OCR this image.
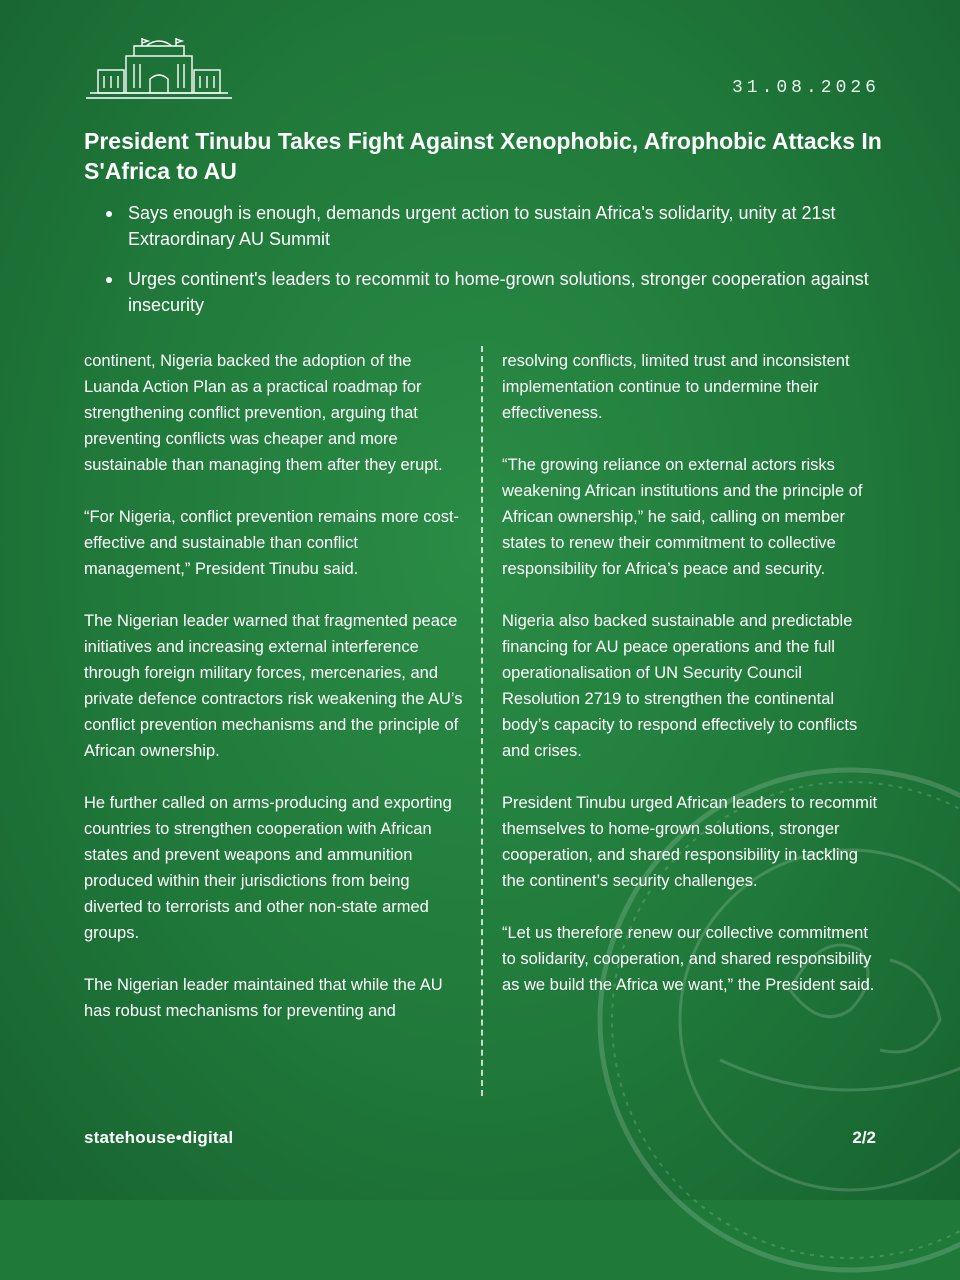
31.08.2026
President Tinubu Takes Fight Against Xenophobic, Afrophobic Attacks In S'Africa to AU
Says enough is enough, demands urgent action to sustain Africa's solidarity, unity at 21st Extraordinary AU Summit
Urges continent's leaders to recommit to home-grown solutions, stronger cooperation against insecurity

continent, Nigeria backed the adoption of the Luanda Action Plan as a practical roadmap for strengthening conflict prevention, arguing that preventing conflicts was cheaper and more sustainable than managing them after they erupt.

“For Nigeria, conflict prevention remains more cost-effective and sustainable than conflict management,” President Tinubu said.

The Nigerian leader warned that fragmented peace initiatives and increasing external interference through foreign military forces, mercenaries, and private defence contractors risk weakening the AU’s conflict prevention mechanisms and the principle of African ownership.

He further called on arms-producing and exporting countries to strengthen cooperation with African states and prevent weapons and ammunition produced within their jurisdictions from being diverted to terrorists and other non-state armed groups.

The Nigerian leader maintained that while the AU has robust mechanisms for preventing and

resolving conflicts, limited trust and inconsistent implementation continue to undermine their effectiveness.

“The growing reliance on external actors risks weakening African institutions and the principle of African ownership,” he said, calling on member states to renew their commitment to collective responsibility for Africa’s peace and security.

Nigeria also backed sustainable and predictable financing for AU peace operations and the full operationalisation of UN Security Council Resolution 2719 to strengthen the continental body’s capacity to respond effectively to conflicts and crises.

President Tinubu urged African leaders to recommit themselves to home-grown solutions, stronger cooperation, and shared responsibility in tackling the continent’s security challenges.

“Let us therefore renew our collective commitment to solidarity, cooperation, and shared responsibility as we build the Africa we want,” the President said.

statehouse•digital	2/2
